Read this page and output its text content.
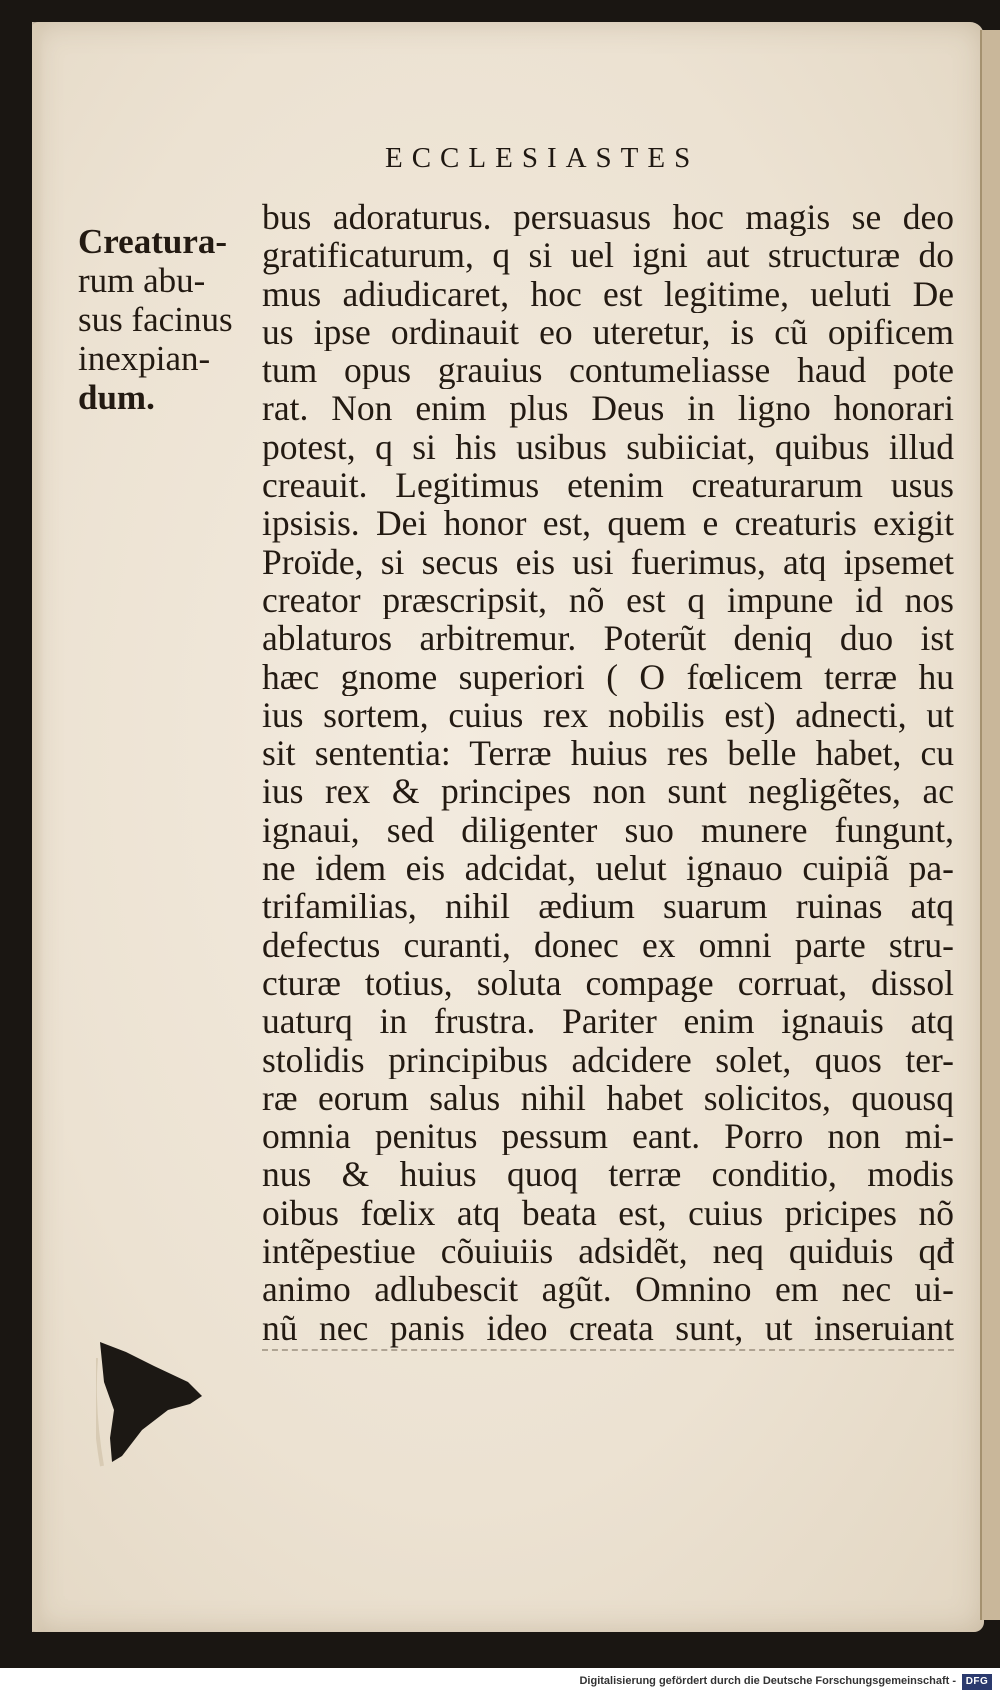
ECCLESIASTES
Creatura-
rum abu-
sus facinus
inexpian-
dum.
bus adoraturus. persuasus hoc magis se deo
gratificaturum, q si uel igni aut structuræ do
mus adiudicaret, hoc est legitime, ueluti De
us ipse ordinauit eo uteretur, is cũ opificem
tum opus grauius contumeliasse haud pote
rat. Non enim plus Deus in ligno honorari
potest, q si his usibus subiiciat, quibus illud
creauit. Legitimus etenim creaturarum usus
ipsisis. Dei honor est, quem e creaturis exigit
Proïde, si secus eis usi fuerimus, atq ipsemet
creator præscripsit, nõ est q impune id nos
ablaturos arbitremur. Poterũt deniq duo ist
hæc gnome superiori ( O fœlicem terræ hu
ius sortem, cuius rex nobilis est) adnecti, ut
sit sententia: Terræ huius res belle habet, cu
ius rex & principes non sunt negligẽtes, ac
ignaui, sed diligenter suo munere fungunt,
ne idem eis adcidat, uelut ignauo cuipiã pa-
trifamilias, nihil ædium suarum ruinas atq
defectus curanti, donec ex omni parte stru-
cturæ totius, soluta compage corruat, dissol
uaturq in frustra. Pariter enim ignauis atq
stolidis principibus adcidere solet, quos ter-
ræ eorum salus nihil habet solicitos, quousq
omnia penitus pessum eant. Porro non mi-
nus & huius quoq terræ conditio, modis
oibus fœlix atq beata est, cuius pricipes nõ
intẽpestiue cõuiuiis adsidẽt, neq quiduis qđ
animo adlubescit agũt. Omnino em nec ui-
nũ nec panis ideo creata sunt, ut inseruiant
Digitalisierung gefördert durch die Deutsche Forschungsgemeinschaft - DFG
